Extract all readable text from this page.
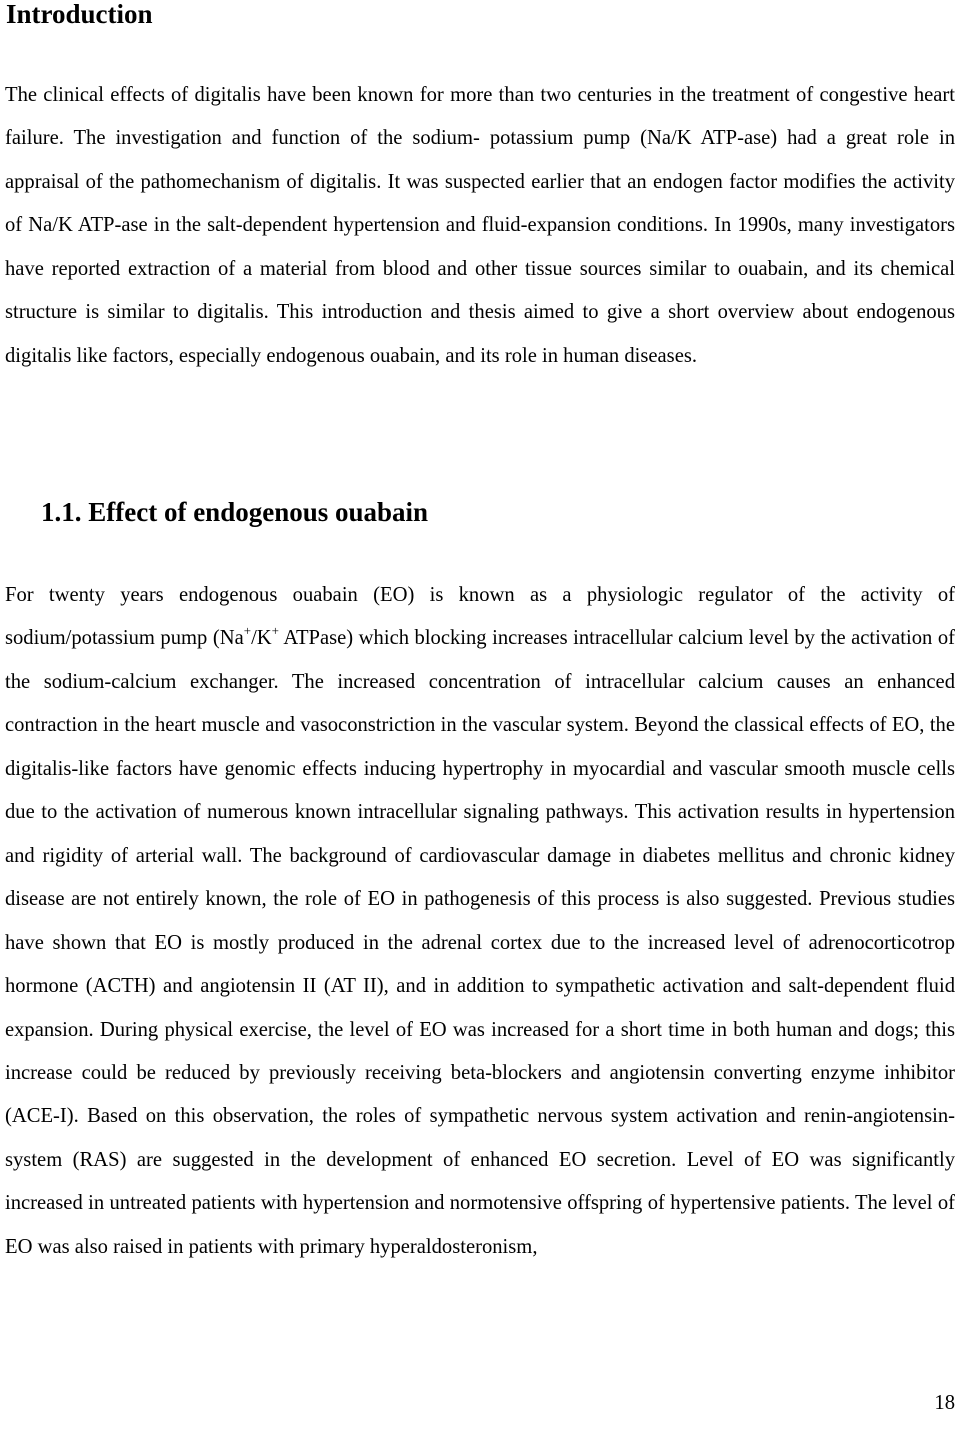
Introduction

The clinical effects of digitalis have been known for more than two centuries in the treatment of congestive heart failure. The investigation and function of the sodium- potassium pump (Na/K ATP-ase) had a great role in appraisal of the pathomechanism of digitalis. It was suspected earlier that an endogen factor modifies the activity of Na/K ATP-ase in the salt-dependent hypertension and fluid-expansion conditions. In 1990s, many investigators have reported extraction of a material from blood and other tissue sources similar to ouabain, and its chemical structure is similar to digitalis. This introduction and thesis aimed to give a short overview about endogenous digitalis like factors, especially endogenous ouabain, and its role in human diseases.

1.1. Effect of endogenous ouabain

For twenty years endogenous ouabain (EO) is known as a physiologic regulator of the activity of sodium/potassium pump (Na+/K+ ATPase) which blocking increases intracellular calcium level by the activation of the sodium-calcium exchanger. The increased concentration of intracellular calcium causes an enhanced contraction in the heart muscle and vasoconstriction in the vascular system. Beyond the classical effects of EO, the digitalis-like factors have genomic effects inducing hypertrophy in myocardial and vascular smooth muscle cells due to the activation of numerous known intracellular signaling pathways. This activation results in hypertension and rigidity of arterial wall. The background of cardiovascular damage in diabetes mellitus and chronic kidney disease are not entirely known, the role of EO in pathogenesis of this process is also suggested. Previous studies have shown that EO is mostly produced in the adrenal cortex due to the increased level of adrenocorticotrop hormone (ACTH) and angiotensin II (AT II), and in addition to sympathetic activation and salt-dependent fluid expansion. During physical exercise, the level of EO was increased for a short time in both human and dogs; this increase could be reduced by previously receiving beta-blockers and angiotensin converting enzyme inhibitor (ACE-I). Based on this observation, the roles of sympathetic nervous system activation and renin-angiotensin-system (RAS) are suggested in the development of enhanced EO secretion. Level of EO was significantly increased in untreated patients with hypertension and normotensive offspring of hypertensive patients. The level of EO was also raised in patients with primary hyperaldosteronism,

18
